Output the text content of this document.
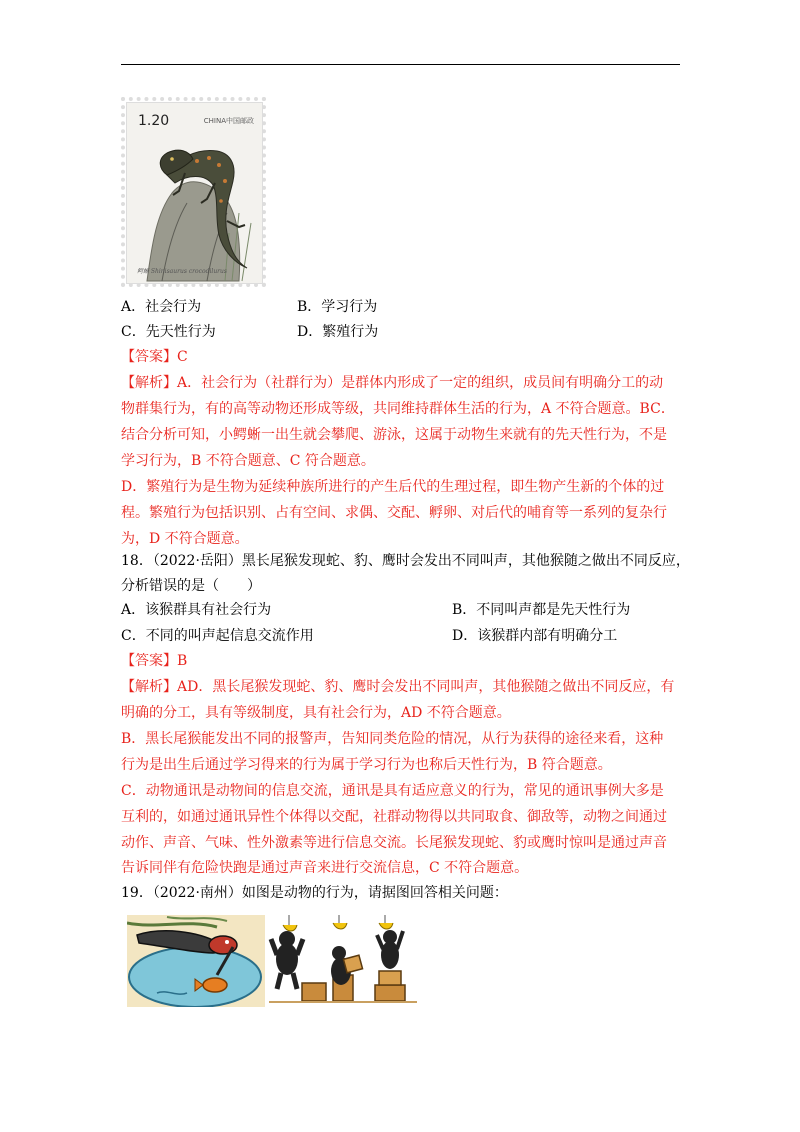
1.20	CHINA中国邮政
鳄蜥 Shinisaurus crocodilurus
A．社会行为	B．学习行为
C．先天性行为	D．繁殖行为
【答案】C
【解析】A．社会行为（社群行为）是群体内形成了一定的组织，成员间有明确分工的动
物群集行为，有的高等动物还形成等级，共同维持群体生活的行为，A 不符合题意。BC．
结合分析可知，小鳄蜥一出生就会攀爬、游泳，这属于动物生来就有的先天性行为，不是
学习行为，B 不符合题意、C 符合题意。
D．繁殖行为是生物为延续种族所进行的产生后代的生理过程，即生物产生新的个体的过
程。繁殖行为包括识别、占有空间、求偶、交配、孵卵、对后代的哺育等一系列的复杂行
为，D 不符合题意。
18．（2022·岳阳）黑长尾猴发现蛇、豹、鹰时会发出不同叫声，其他猴随之做出不同反应，
分析错误的是（　　）
A．该猴群具有社会行为	B．不同叫声都是先天性行为
C．不同的叫声起信息交流作用	D．该猴群内部有明确分工
【答案】B
【解析】AD．黑长尾猴发现蛇、豹、鹰时会发出不同叫声，其他猴随之做出不同反应，有
明确的分工，具有等级制度，具有社会行为，AD 不符合题意。
B．黑长尾猴能发出不同的报警声，告知同类危险的情况，从行为获得的途径来看，这种
行为是出生后通过学习得来的行为属于学习行为也称后天性行为，B 符合题意。
C．动物通讯是动物间的信息交流，通讯是具有适应意义的行为，常见的通讯事例大多是
互利的，如通过通讯异性个体得以交配，社群动物得以共同取食、御敌等，动物之间通过
动作、声音、气味、性外激素等进行信息交流。长尾猴发现蛇、豹或鹰时惊叫是通过声音
告诉同伴有危险快跑是通过声音来进行交流信息，C 不符合题意。
19．（2022·南州）如图是动物的行为，请据图回答相关问题：
